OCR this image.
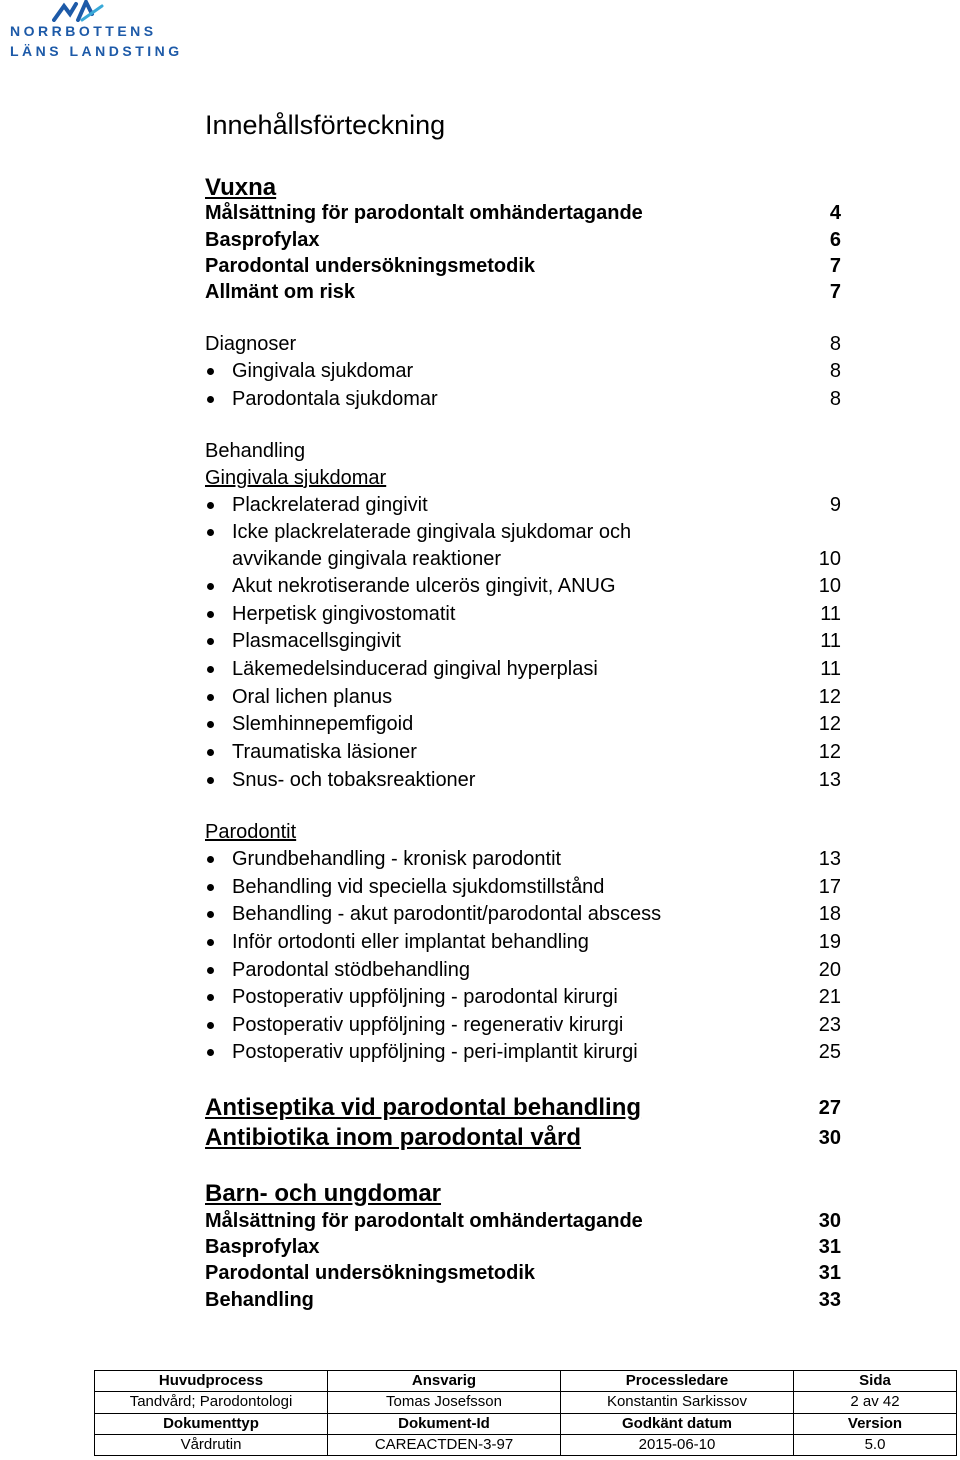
NORRBOTTENS
LÄNS LANDSTING
Innehållsförteckning
Vuxna
Målsättning för parodontalt omhändertagande	4
Basprofylax	6
Parodontal undersökningsmetodik	7
Allmänt om risk	7
Diagnoser	8
Gingivala sjukdomar	8
Parodontala sjukdomar	8
Behandling
Gingivala sjukdomar
Plackrelaterad gingivit	9
Icke plackrelaterade gingivala sjukdomar och
avvikande gingivala reaktioner	10
Akut nekrotiserande ulcerös gingivit, ANUG	10
Herpetisk gingivostomatit	11
Plasmacellsgingivit	11
Läkemedelsinducerad gingival hyperplasi	11
Oral lichen planus	12
Slemhinnepemfigoid	12
Traumatiska läsioner	12
Snus- och tobaksreaktioner	13
Parodontit
Grundbehandling - kronisk parodontit	13
Behandling vid speciella sjukdomstillstånd	17
Behandling - akut parodontit/parodontal abscess	18
Inför ortodonti eller implantat behandling	19
Parodontal stödbehandling	20
Postoperativ uppföljning - parodontal kirurgi	21
Postoperativ uppföljning - regenerativ kirurgi	23
Postoperativ uppföljning - peri-implantit kirurgi	25
Antiseptika vid parodontal behandling	27
Antibiotika inom parodontal vård	30
Barn- och ungdomar
Målsättning för parodontalt omhändertagande	30
Basprofylax	31
Parodontal undersökningsmetodik	31
Behandling	33
Huvudprocess	Ansvarig	Processledare	Sida
Tandvård; Parodontologi	Tomas Josefsson	Konstantin Sarkissov	2 av 42
Dokumenttyp	Dokument-Id	Godkänt datum	Version
Vårdrutin	CAREACTDEN-3-97	2015-06-10	5.0
